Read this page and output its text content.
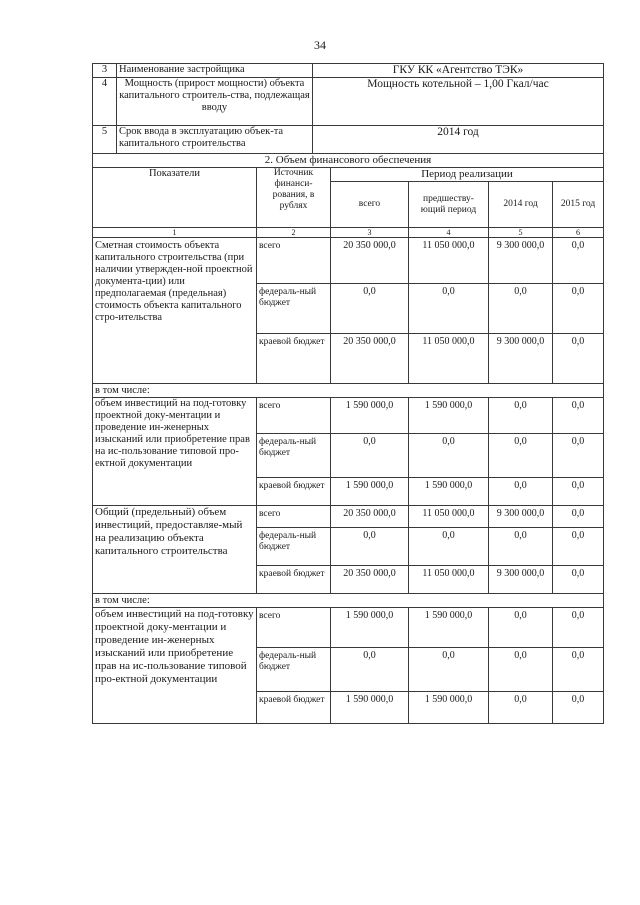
34
3	Наименование застройщика	ГКУ КК «Агентство ТЭК»
4	Мощность (прирост мощности) объекта капитального строитель-ства, подлежащая вводу	Мощность котельной – 1,00 Гкал/час
5	Срок ввода в эксплуатацию объек-та капитального строительства	2014 год
2. Объем финансового обеспечения					
Показатели	Источник финанси-рования, в рублях	Период реализации			
		всего	предшеству-ющий период	2014 год	2015 год
1	2	3	4	5	6
Сметная стоимость объекта капитального строительства (при наличии утвержден-ной проектной документа-ции) или предполагаемая (предельная) стоимость объекта капитального стро-ительства	всего	20 350 000,0	11 050 000,0	9 300 000,0	0,0
	федераль-ный бюджет	0,0	0,0	0,0	0,0
	краевой бюджет	20 350 000,0	11 050 000,0	9 300 000,0	0,0
в том числе:					
объем инвестиций на под-готовку проектной доку-ментации и проведение ин-женерных изысканий или приобретение прав на ис-пользование типовой про-ектной документации	всего	1 590 000,0	1 590 000,0	0,0	0,0
	федераль-ный бюджет	0,0	0,0	0,0	0,0
	краевой бюджет	1 590 000,0	1 590 000,0	0,0	0,0
Общий (предельный) объем инвестиций, предоставляе-мый на реализацию объекта капитального строительства	всего	20 350 000,0	11 050 000,0	9 300 000,0	0,0
	федераль-ный бюджет	0,0	0,0	0,0	0,0
	краевой бюджет	20 350 000,0	11 050 000,0	9 300 000,0	0,0
в том числе:					
объем инвестиций на под-готовку проектной доку-ментации и проведение ин-женерных изысканий или приобретение прав на ис-пользование типовой про-ектной документации	всего	1 590 000,0	1 590 000,0	0,0	0,0
	федераль-ный бюджет	0,0	0,0	0,0	0,0
	краевой бюджет	1 590 000,0	1 590 000,0	0,0	0,0
